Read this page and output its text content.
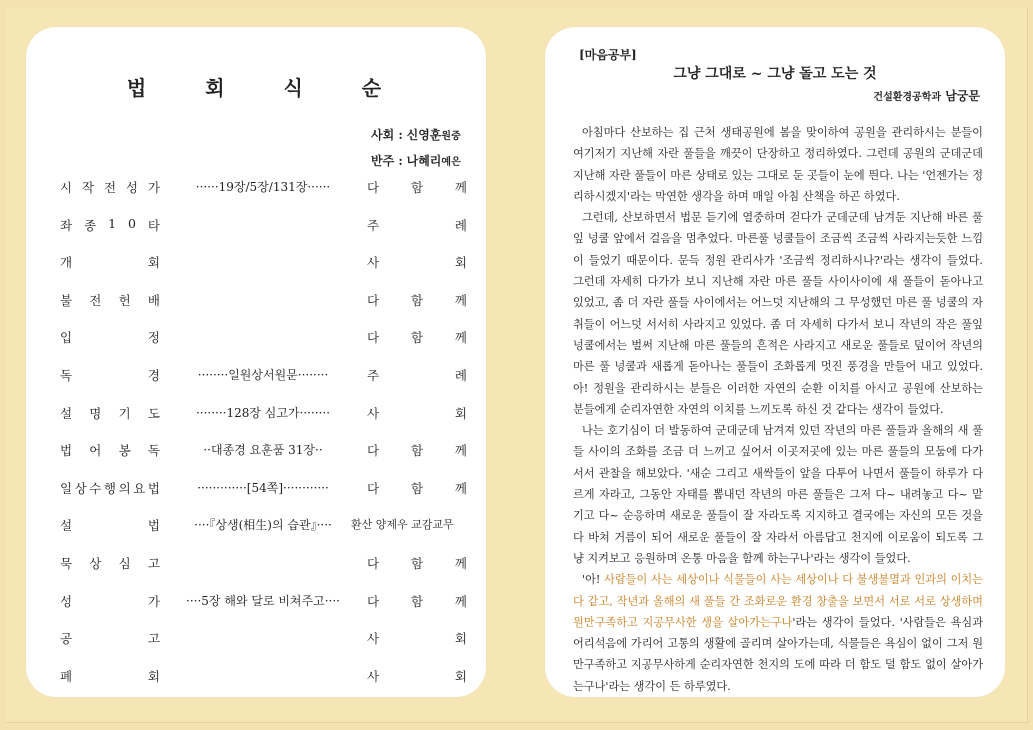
법 회 식 순
사회 : 신영훈원중
반주 : 나혜리예은
시 작 전 성 가	······19장/5장/131장······	다	함	께
좌 종 1 0 타	주	례
개	회	사	회
불 전 헌 배	다	함	께
입	정	다	함	께
독	경	········일원상서원문········	주	례
설 명 기 도	········128장 심고가········	사	회
법 어 봉 독	··대종경 요훈품 31장··	다	함	께
일 상 수 행 의 요 법	·············[54쪽]············	다	함	께
설	법	····『상생(相生)의 습관』····	환산 양제우 교감교무
묵 상 심 고	다	함	께
성	가	····5장 해와 달로 비쳐주고····	다	함	께
공	고	사	회
폐	회	사	회
[마음공부]
그냥 그대로 ~ 그냥 돌고 도는 것
건설환경공학과 남궁문

아침마다 산보하는 집 근처 생태공원에 봄을 맞이하여 공원을 관리하시는 분들이 여기저기 지난해 자란 풀들을 깨끗이 단장하고 정리하였다. 그런데 공원의 군데군데 지난해 자란 풀들이 마른 상태로 있는 그대로 둔 곳들이 눈에 띈다. 나는 '언젠가는 정리하시겠지'라는 막연한 생각을 하며 매일 아침 산책을 하곤 하였다.

그런데, 산보하면서 법문 듣기에 열중하며 걷다가 군데군데 남겨둔 지난해 바른 풀잎 넝쿨 앞에서 걸음을 멈추었다. 마른풀 넝쿨들이 조금씩 조금씩 사라지는듯한 느낌이 들었기 때문이다. 문득 정원 관리사가 '조금씩 정리하시나?'라는 생각이 들었다. 그런데 자세히 다가가 보니 지난해 자란 마른 풀들 사이사이에 새 풀들이 돋아나고 있었고, 좀 더 자란 풀들 사이에서는 어느덧 지난해의 그 무성했던 마른 풀 넝쿨의 자취들이 어느덧 서서히 사라지고 있었다. 좀 더 자세히 다가서 보니 작년의 작은 풀잎 넝쿨에서는 벌써 지난해 마른 풀들의 흔적은 사라지고 새로운 풀들로 덮이어 작년의 마른 풀 넝쿨과 새롭게 돋아나는 풀들이 조화롭게 멋진 풍경을 만들어 내고 있었다. 아! 정원을 관리하시는 분들은 이러한 자연의 순환 이치를 아시고 공원에 산보하는 분들에게 순리자연한 자연의 이치를 느끼도록 하신 것 같다는 생각이 들었다.

나는 호기심이 더 발동하여 군데군데 남겨져 있던 작년의 마른 풀들과 올해의 새 풀들 사이의 조화를 조금 더 느끼고 싶어서 이곳저곳에 있는 마른 풀들의 모둠에 다가서서 관찰을 해보았다. '새순 그리고 새싹들이 앞을 다투어 나면서 풀들이 하루가 다르게 자라고, 그동안 자태를 뽐내던 작년의 마른 풀들은 그저 다~ 내려놓고 다~ 맡기고 다~ 순응하며 새로운 풀들이 잘 자라도록 지지하고 결국에는 자신의 모든 것을 다 바쳐 거름이 되어 새로운 풀들이 잘 자라서 아름답고 천지에 이로움이 되도록 그냥 지켜보고 응원하며 온통 마음을 함께 하는구나'라는 생각이 들었다.

'아! 사람들이 사는 세상이나 식물들이 사는 세상이나 다 불생불멸과 인과의 이치는 다 같고, 작년과 올해의 새 풀들 간 조화로운 환경 창출을 보면서 서로 서로 상생하며 원만구족하고 지공무사한 생을 살아가는구나'라는 생각이 들었다. '사람들은 욕심과 어리석음에 가리어 고통의 생활에 골리며 살아가는데, 식물들은 욕심이 없이 그저 원만구족하고 지공무사하게 순리자연한 천지의 도에 따라 더 함도 덜 함도 없이 살아가는구나'라는 생각이 든 하루였다.
